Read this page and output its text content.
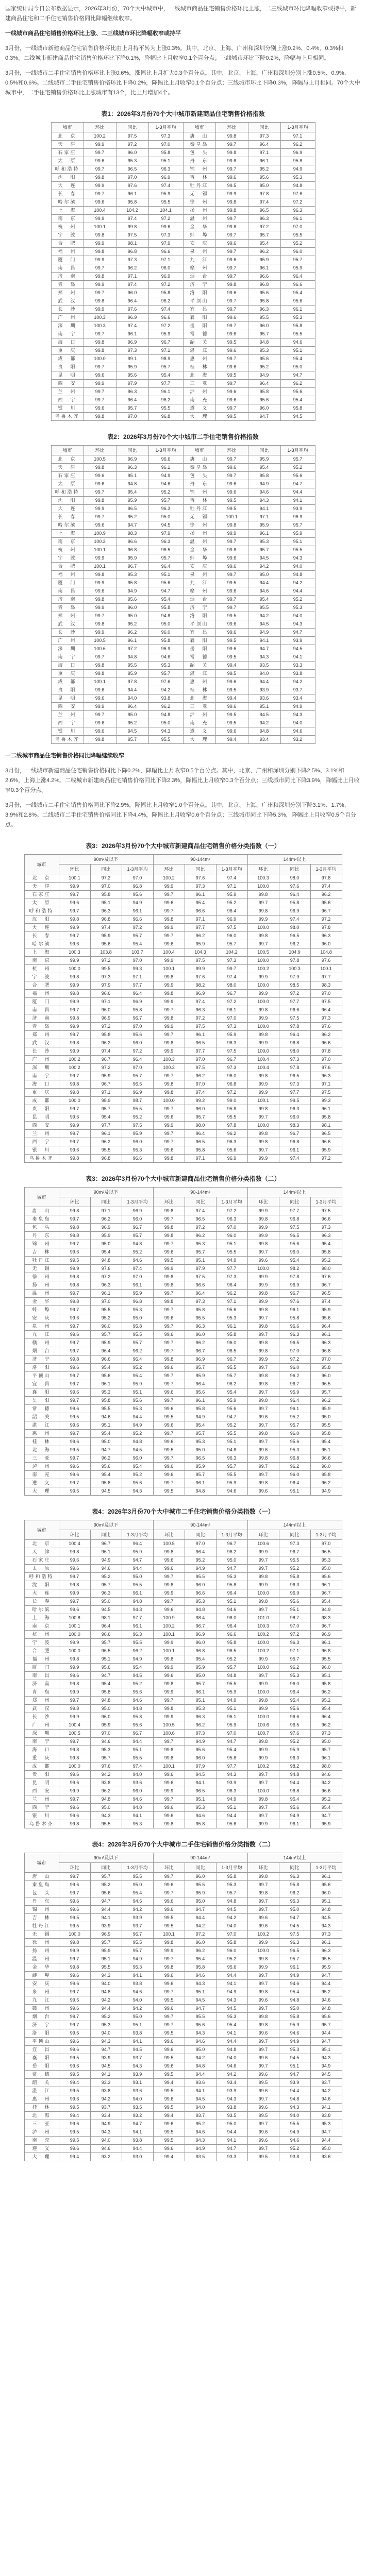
国家统计局今日公布数据显示，2026年3月份，70个大中城市中，一线城市商品住宅销售价格环比上涨，二三线城市环比降幅收窄或持平，新建商品住宅和二手住宅销售价格同比降幅继续收窄。

一线城市商品住宅销售价格环比上涨、二三线城市环比降幅收窄或持平

3月份，一线城市新建商品住宅销售价格环比由上月持平转为上涨0.3%。其中，北京、上海、广州和深圳分别上涨0.2%、0.4%、0.3%和0.3%。二线城市新建商品住宅销售价格环比下降0.1%，降幅比上月收窄0.1个百分点；三线城市环比下降0.2%，降幅与上月相同。

3月份，一线城市二手住宅销售价格环比上涨0.6%，涨幅比上月扩大0.3个百分点。其中，北京、上海、广州和深圳分别上涨0.5%、0.9%、0.5%和0.6%。二线城市二手住宅销售价格环比下降0.2%，降幅比上月收窄0.1个百分点；三线城市环比下降0.3%，降幅与上月相同。70个大中城市中，二手住宅销售价格环比上涨城市有13个，比上月增加4个。

表1：2026年3月份70个大中城市新建商品住宅销售价格指数
城市	环比	同比	1-3月平均	城市	环比	同比	1-3月平均
北　京	100.2	97.5	97.3	唐　山	99.8	97.3	97.1
天　津	99.9	97.2	97.0	秦皇岛	99.7	96.4	96.2
石家庄	99.7	96.0	95.8	包　头	99.8	97.1	96.9
太　原	99.6	95.3	95.1	丹　东	99.8	96.1	95.8
呼和浩特	99.7	96.5	96.3	锦　州	99.7	95.2	94.9
沈　阳	99.8	97.0	96.9	吉　林	99.6	95.6	95.3
大　连	99.9	97.6	97.4	牡丹江	99.5	95.0	94.8
长　春	99.7	96.1	95.9	无　锡	99.9	97.8	97.6
哈尔滨	99.6	95.8	95.5	徐　州	99.8	97.4	97.2
上　海	100.4	104.2	104.1	扬　州	99.8	96.5	96.3
南　京	99.9	97.4	97.2	温　州	99.7	96.3	96.1
杭　州	100.1	99.8	99.6	金　华	99.8	97.2	97.0
宁　波	99.8	97.5	97.3	蚌　埠	99.7	95.7	95.5
合　肥	99.9	98.1	97.9	安　庆	99.6	95.4	95.2
福　州	99.8	96.8	96.6	泉　州	99.7	96.2	96.0
厦　门	99.9	97.3	97.1	九　江	99.6	95.9	95.7
南　昌	99.7	96.2	96.0	赣　州	99.7	96.1	95.9
济　南	99.8	97.1	96.9	烟　台	99.7	96.6	96.4
青　岛	99.9	97.4	97.2	济　宁	99.8	96.8	96.6
郑　州	99.7	96.0	95.8	洛　阳	99.6	95.6	95.4
武　汉	99.8	96.4	96.2	平顶山	99.7	95.8	95.6
长　沙	99.9	97.6	97.4	宜　昌	99.7	96.3	96.1
广　州	100.3	96.9	96.6	襄　阳	99.6	95.5	95.3
深　圳	100.3	97.4	97.2	岳　阳	99.7	96.0	95.8
南　宁	99.7	96.1	95.9	常　德	99.6	95.7	95.5
海　口	99.8	96.9	96.7	韶　关	99.5	94.8	94.6
重　庆	99.8	97.3	97.1	湛　江	99.6	95.3	95.1
成　都	100.0	99.1	98.9	惠　州	99.7	95.6	95.4
贵　阳	99.7	95.9	95.7	桂　林	99.6	95.2	95.0
昆　明	99.6	95.6	95.4	北　海	99.5	94.9	94.7
西　安	99.9	97.9	97.7	三　亚	99.7	96.4	96.2
兰　州	99.7	96.3	96.1	泸　州	99.6	95.8	95.6
西　宁	99.7	96.4	96.2	南　充	99.6	95.6	95.4
银　川	99.6	95.7	95.5	遵　义	99.7	96.0	95.8
乌鲁木齐	99.8	97.0	96.8	大　理	99.5	94.7	94.5
表2：2026年3月份70个大中城市二手住宅销售价格指数
城市	环比	同比	1-3月平均	城市	环比	同比	1-3月平均
北　京	100.5	96.9	96.6	唐　山	99.7	95.9	95.7
天　津	99.8	96.3	96.1	秦皇岛	99.6	95.4	95.2
石家庄	99.6	95.1	94.9	包　头	99.7	95.8	95.6
太　原	99.6	94.8	94.6	丹　东	99.6	94.9	94.7
呼和浩特	99.7	95.4	95.2	锦　州	99.6	94.6	94.4
沈　阳	99.8	95.9	95.7	吉　林	99.5	94.3	94.1
大　连	99.9	96.5	96.3	牡丹江	99.5	94.1	93.9
长　春	99.7	95.2	95.0	无　锡	100.1	97.1	96.9
哈尔滨	99.6	94.7	94.5	徐　州	99.8	95.9	95.7
上　海	100.9	98.3	97.9	扬　州	99.9	96.1	95.9
南　京	100.2	96.6	96.3	温　州	99.7	95.3	95.1
杭　州	100.1	96.8	96.5	金　华	99.8	95.7	95.5
宁　波	99.9	95.9	95.7	蚌　埠	99.6	94.5	94.3
合　肥	100.1	96.7	96.4	安　庆	99.6	94.2	94.0
福　州	99.8	95.3	95.1	泉　州	99.7	95.0	94.8
厦　门	99.9	95.8	95.6	九　江	99.5	94.4	94.2
南　昌	99.6	94.9	94.7	赣　州	99.6	94.6	94.4
济　南	99.8	95.6	95.4	烟　台	99.7	95.4	95.2
青　岛	99.9	96.0	95.8	济　宁	99.7	95.5	95.3
郑　州	99.7	95.0	94.8	洛　阳	99.5	94.2	94.0
武　汉	99.8	95.2	95.0	平顶山	99.6	94.5	94.3
长　沙	99.9	96.2	96.0	宜　昌	99.6	94.9	94.7
广　州	100.5	96.1	95.8	襄　阳	99.5	94.1	93.9
深　圳	100.6	97.2	96.9	岳　阳	99.6	94.7	94.5
南　宁	99.7	94.8	94.6	常　德	99.5	94.3	94.1
海　口	99.8	95.5	95.3	韶　关	99.4	93.5	93.3
重　庆	99.8	95.9	95.7	湛　江	99.5	94.0	93.8
成　都	100.1	97.8	97.6	惠　州	99.6	94.4	94.2
贵　阳	99.6	94.4	94.2	桂　林	99.5	93.9	93.7
昆　明	99.6	94.0	93.8	北　海	99.4	93.6	93.4
西　安	99.9	96.4	96.2	三　亚	99.6	95.1	94.9
兰　州	99.7	95.0	94.8	泸　州	99.5	94.5	94.3
西　宁	99.6	95.2	95.0	南　充	99.5	94.2	94.0
银　川	99.6	94.5	94.3	遵　义	99.6	94.8	94.6
乌鲁木齐	99.8	95.7	95.5	大　理	99.4	93.4	93.2

一二线城市商品住宅销售价格同比降幅继续收窄

3月份，一线城市新建商品住宅销售价格同比下降0.2%，降幅比上月收窄0.5个百分点。其中，北京、广州和深圳分别下降2.5%、3.1%和2.6%，上海上涨4.2%。二线城市新建商品住宅销售价格同比下降2.3%，降幅比上月收窄0.3个百分点；三线城市同比下降3.9%，降幅比上月收窄0.3个百分点。

3月份，一线城市二手住宅销售价格同比下降2.9%，降幅比上月收窄1.0个百分点。其中，北京、上海、广州和深圳分别下降3.1%、1.7%、3.9%和2.8%。二线城市二手住宅销售价格同比下降4.4%，降幅比上月收窄0.6个百分点；三线城市同比下降5.3%，降幅比上月收窄0.5个百分点。

表3：2026年3月份70个大中城市新建商品住宅销售价格分类指数（一）
城市	90m²及以下			90-144m²			144m²以上		
	环比	同比	1-3月平均	环比	同比	1-3月平均	环比	同比	1-3月平均
北　京	100.1	97.2	97.0	100.2	97.6	97.4	100.3	98.0	97.8
天　津	99.9	97.0	96.8	99.9	97.3	97.1	100.0	97.6	97.4
石家庄	99.7	95.8	95.6	99.7	96.1	95.9	99.8	96.4	96.2
太　原	99.6	95.1	94.9	99.6	95.4	95.2	99.7	95.8	95.6
呼和浩特	99.7	96.3	96.1	99.7	96.6	96.4	99.8	96.9	96.7
沈　阳	99.8	96.8	96.6	99.8	97.1	96.9	99.9	97.4	97.2
大　连	99.9	97.4	97.2	99.9	97.7	97.5	100.0	98.0	97.8
长　春	99.7	95.9	95.7	99.7	96.2	96.0	99.8	96.5	96.3
哈尔滨	99.6	95.6	95.4	99.6	95.9	95.7	99.7	96.2	96.0
上　海	100.3	103.8	103.7	100.4	104.3	104.2	100.5	104.9	104.8
南　京	99.9	97.2	97.0	99.9	97.5	97.3	100.0	97.8	97.6
杭　州	100.0	99.5	99.3	100.1	99.9	99.7	100.2	100.3	100.1
宁　波	99.8	97.3	97.1	99.8	97.6	97.4	99.9	97.9	97.7
合　肥	99.9	97.9	97.7	99.9	98.2	98.0	100.0	98.5	98.3
福　州	99.8	96.6	96.4	99.8	96.9	96.7	99.9	97.2	97.0
厦　门	99.9	97.1	96.9	99.9	97.4	97.2	100.0	97.7	97.5
南　昌	99.7	96.0	95.8	99.7	96.3	96.1	99.8	96.6	96.4
济　南	99.8	96.9	96.7	99.8	97.2	97.0	99.9	97.5	97.3
青　岛	99.9	97.2	97.0	99.9	97.5	97.3	100.0	97.8	97.6
郑　州	99.7	95.8	95.6	99.7	96.1	95.9	99.8	96.4	96.2
武　汉	99.8	96.2	96.0	99.8	96.5	96.3	99.9	96.8	96.6
长　沙	99.9	97.4	97.2	99.9	97.7	97.5	100.0	98.0	97.8
广　州	100.2	96.7	96.4	100.3	97.0	96.7	100.4	97.3	97.0
深　圳	100.2	97.2	97.0	100.3	97.5	97.3	100.4	97.8	97.6
南　宁	99.7	95.9	95.7	99.7	96.2	96.0	99.8	96.5	96.3
海　口	99.8	96.7	96.5	99.8	97.0	96.8	99.9	97.3	97.1
重　庆	99.8	97.1	96.9	99.8	97.4	97.2	99.9	97.7	97.5
成　都	100.0	98.9	98.7	100.0	99.2	99.0	100.1	99.5	99.3
贵　阳	99.7	95.7	95.5	99.7	96.0	95.8	99.8	96.3	96.1
昆　明	99.6	95.4	95.2	99.6	95.7	95.5	99.7	96.0	95.8
西　安	99.9	97.7	97.5	99.9	98.0	97.8	100.0	98.3	98.1
兰　州	99.7	96.1	95.9	99.7	96.4	96.2	99.8	96.7	96.5
西　宁	99.7	96.2	96.0	99.7	96.5	96.3	99.8	96.8	96.6
银　川	99.6	95.5	95.3	99.6	95.8	95.6	99.7	96.1	95.9
乌鲁木齐	99.8	96.8	96.6	99.8	97.1	96.9	99.9	97.4	97.2
表3：2026年3月份70个大中城市新建商品住宅销售价格分类指数（二）
城市	90m²及以下			90-144m²			144m²以上		
	环比	同比	1-3月平均	环比	同比	1-3月平均	环比	同比	1-3月平均
唐　山	99.8	97.1	96.9	99.8	97.4	97.2	99.9	97.7	97.5
秦皇岛	99.7	96.2	96.0	99.7	96.5	96.3	99.8	96.8	96.6
包　头	99.8	96.9	96.7	99.8	97.2	97.0	99.9	97.5	97.3
丹　东	99.8	95.9	95.7	99.8	96.2	96.0	99.9	96.5	96.3
锦　州	99.7	95.0	94.8	99.7	95.3	95.1	99.8	95.6	95.4
吉　林	99.6	95.4	95.2	99.6	95.7	95.5	99.7	96.0	95.8
牡丹江	99.5	94.8	94.6	99.5	95.1	94.9	99.6	95.4	95.2
无　锡	99.9	97.6	97.4	99.9	97.9	97.7	100.0	98.2	98.0
徐　州	99.8	97.2	97.0	99.8	97.5	97.3	99.9	97.8	97.6
扬　州	99.8	96.3	96.1	99.8	96.6	96.4	99.9	96.9	96.7
温　州	99.7	96.1	95.9	99.7	96.4	96.2	99.8	96.7	96.5
金　华	99.8	97.0	96.8	99.8	97.3	97.1	99.9	97.6	97.4
蚌　埠	99.7	95.5	95.3	99.7	95.8	95.6	99.8	96.1	95.9
安　庆	99.6	95.2	95.0	99.6	95.5	95.3	99.7	95.8	95.6
泉　州	99.7	96.0	95.8	99.7	96.3	96.1	99.8	96.6	96.4
九　江	99.6	95.7	95.5	99.6	96.0	95.8	99.7	96.3	96.1
赣　州	99.7	95.9	95.7	99.7	96.2	96.0	99.8	96.5	96.3
烟　台	99.7	96.4	96.2	99.7	96.7	96.5	99.8	97.0	96.8
济　宁	99.8	96.6	96.4	99.8	96.9	96.7	99.9	97.2	97.0
洛　阳	99.6	95.4	95.2	99.6	95.7	95.5	99.7	96.0	95.8
平顶山	99.7	95.6	95.4	99.7	95.9	95.7	99.8	96.2	96.0
宜　昌	99.7	96.1	95.9	99.7	96.4	96.2	99.8	96.7	96.5
襄　阳	99.6	95.3	95.1	99.6	95.6	95.4	99.7	95.9	95.7
岳　阳	99.7	95.8	95.6	99.7	96.1	95.9	99.8	96.4	96.2
常　德	99.6	95.5	95.3	99.6	95.8	95.6	99.7	96.1	95.9
韶　关	99.5	94.6	94.4	99.5	94.9	94.7	99.6	95.2	95.0
湛　江	99.6	95.1	94.9	99.6	95.4	95.2	99.7	95.7	95.5
惠　州	99.7	95.4	95.2	99.7	95.7	95.5	99.8	96.0	95.8
桂　林	99.6	95.0	94.8	99.6	95.3	95.1	99.7	95.6	95.4
北　海	99.5	94.7	94.5	99.5	95.0	94.8	99.6	95.3	95.1
三　亚	99.7	96.2	96.0	99.7	96.5	96.3	99.8	96.8	96.6
泸　州	99.6	95.6	95.4	99.6	95.9	95.7	99.7	96.2	96.0
南　充	99.6	95.4	95.2	99.6	95.7	95.5	99.7	96.0	95.8
遵　义	99.7	95.8	95.6	99.7	96.1	95.9	99.8	96.4	96.2
大　理	99.5	94.5	94.3	99.5	94.8	94.6	99.6	95.1	94.9
表4：2026年3月份70个大中城市二手住宅销售价格分类指数（一）
城市	90m²及以下			90-144m²			144m²以上		
	环比	同比	1-3月平均	环比	同比	1-3月平均	环比	同比	1-3月平均
北　京	100.4	96.7	96.4	100.5	97.0	96.7	100.6	97.3	97.0
天　津	99.8	96.1	95.9	99.8	96.4	96.2	99.9	96.7	96.5
石家庄	99.6	94.9	94.7	99.6	95.2	95.0	99.7	95.5	95.3
太　原	99.6	94.6	94.4	99.6	94.9	94.7	99.7	95.2	95.0
呼和浩特	99.7	95.2	95.0	99.7	95.5	95.3	99.8	95.8	95.6
沈　阳	99.8	95.7	95.5	99.8	96.0	95.8	99.9	96.3	96.1
大　连	99.9	96.3	96.1	99.9	96.6	96.4	100.0	96.9	96.7
长　春	99.7	95.0	94.8	99.7	95.3	95.1	99.8	95.6	95.4
哈尔滨	99.6	94.5	94.3	99.6	94.8	94.6	99.7	95.1	94.9
上　海	100.8	98.1	97.7	100.9	98.4	98.0	101.0	98.7	98.3
南　京	100.1	96.4	96.1	100.2	96.7	96.4	100.3	97.0	96.7
杭　州	100.0	96.6	96.3	100.1	96.9	96.6	100.2	97.2	96.9
宁　波	99.9	95.7	95.5	99.9	96.0	95.8	100.0	96.3	96.1
合　肥	100.0	96.5	96.2	100.1	96.8	96.5	100.2	97.1	96.8
福　州	99.8	95.1	94.9	99.8	95.4	95.2	99.9	95.7	95.5
厦　门	99.9	95.6	95.4	99.9	95.9	95.7	100.0	96.2	96.0
南　昌	99.6	94.7	94.5	99.6	95.0	94.8	99.7	95.3	95.1
济　南	99.8	95.4	95.2	99.8	95.7	95.5	99.9	96.0	95.8
青　岛	99.9	95.8	95.6	99.9	96.1	95.9	100.0	96.4	96.2
郑　州	99.7	94.8	94.6	99.7	95.1	94.9	99.8	95.4	95.2
武　汉	99.8	95.0	94.8	99.8	95.3	95.1	99.9	95.6	95.4
长　沙	99.9	96.0	95.8	99.9	96.3	96.1	100.0	96.6	96.4
广　州	100.4	95.9	95.6	100.5	96.2	95.9	100.6	96.5	96.2
深　圳	100.5	97.0	96.7	100.6	97.3	97.0	100.7	97.6	97.3
南　宁	99.7	94.6	94.4	99.7	94.9	94.7	99.8	95.2	95.0
海　口	99.8	95.3	95.1	99.8	95.6	95.4	99.9	95.9	95.7
重　庆	99.8	95.7	95.5	99.8	96.0	95.8	99.9	96.3	96.1
成　都	100.0	97.6	97.4	100.1	97.9	97.7	100.2	98.2	98.0
贵　阳	99.6	94.2	94.0	99.6	94.5	94.3	99.7	94.8	94.6
昆　明	99.6	93.8	93.6	99.6	94.1	93.9	99.7	94.4	94.2
西　安	99.9	96.2	96.0	99.9	96.5	96.3	100.0	96.8	96.6
兰　州	99.7	94.8	94.6	99.7	95.1	94.9	99.8	95.4	95.2
西　宁	99.6	95.0	94.8	99.6	95.3	95.1	99.7	95.6	95.4
银　川	99.6	94.3	94.1	99.6	94.6	94.4	99.7	94.9	94.7
乌鲁木齐	99.8	95.5	95.3	99.8	95.8	95.6	99.9	96.1	95.9
表4：2026年3月份70个大中城市二手住宅销售价格分类指数（二）
城市	90m²及以下			90-144m²			144m²以上		
	环比	同比	1-3月平均	环比	同比	1-3月平均	环比	同比	1-3月平均
唐　山	99.7	95.7	95.5	99.7	96.0	95.8	99.8	96.3	96.1
秦皇岛	99.6	95.2	95.0	99.6	95.5	95.3	99.7	95.8	95.6
包　头	99.7	95.6	95.4	99.7	95.9	95.7	99.8	96.2	96.0
丹　东	99.6	94.7	94.5	99.6	95.0	94.8	99.7	95.3	95.1
锦　州	99.6	94.4	94.2	99.6	94.7	94.5	99.7	95.0	94.8
吉　林	99.5	94.1	93.9	99.5	94.4	94.2	99.6	94.7	94.5
牡丹江	99.5	93.9	93.7	99.5	94.2	94.0	99.6	94.5	94.3
无　锡	100.0	96.9	96.7	100.1	97.2	97.0	100.2	97.5	97.3
徐　州	99.8	95.7	95.5	99.8	96.0	95.8	99.9	96.3	96.1
扬　州	99.9	95.9	95.7	99.9	96.2	96.0	100.0	96.5	96.3
温　州	99.7	95.1	94.9	99.7	95.4	95.2	99.8	95.7	95.5
金　华	99.8	95.5	95.3	99.8	95.8	95.6	99.9	96.1	95.9
蚌　埠	99.6	94.3	94.1	99.6	94.6	94.4	99.7	94.9	94.7
安　庆	99.6	94.0	93.8	99.6	94.3	94.1	99.7	94.6	94.4
泉　州	99.7	94.8	94.6	99.7	95.1	94.9	99.8	95.4	95.2
九　江	99.5	94.2	94.0	99.5	94.5	94.3	99.6	94.8	94.6
赣　州	99.6	94.4	94.2	99.6	94.7	94.5	99.7	95.0	94.8
烟　台	99.7	95.2	95.0	99.7	95.5	95.3	99.8	95.8	95.6
济　宁	99.7	95.3	95.1	99.7	95.6	95.4	99.8	95.9	95.7
洛　阳	99.5	94.0	93.8	99.5	94.3	94.1	99.6	94.6	94.4
平顶山	99.6	94.3	94.1	99.6	94.6	94.4	99.7	94.9	94.7
宜　昌	99.6	94.7	94.5	99.6	95.0	94.8	99.7	95.3	95.1
襄　阳	99.5	93.9	93.7	99.5	94.2	94.0	99.6	94.5	94.3
岳　阳	99.6	94.5	94.3	99.6	94.8	94.6	99.7	95.1	94.9
常　德	99.5	94.1	93.9	99.5	94.4	94.2	99.6	94.7	94.5
韶　关	99.4	93.3	93.1	99.4	93.6	93.4	99.5	93.9	93.7
湛　江	99.5	93.8	93.6	99.5	94.1	93.9	99.6	94.4	94.2
惠　州	99.6	94.2	94.0	99.6	94.5	94.3	99.7	94.8	94.6
桂　林	99.5	93.7	93.5	99.5	94.0	93.8	99.6	94.3	94.1
北　海	99.4	93.4	93.2	99.4	93.7	93.5	99.5	94.0	93.8
三　亚	99.6	94.9	94.7	99.6	95.2	95.0	99.7	95.5	95.3
泸　州	99.5	94.3	94.1	99.5	94.6	94.4	99.6	94.9	94.7
南　充	99.5	94.0	93.8	99.5	94.3	94.1	99.6	94.6	94.4
遵　义	99.6	94.6	94.4	99.6	94.9	94.7	99.7	95.2	95.0
大　理	99.4	93.2	93.0	99.4	93.5	93.3	99.5	93.8	93.6
